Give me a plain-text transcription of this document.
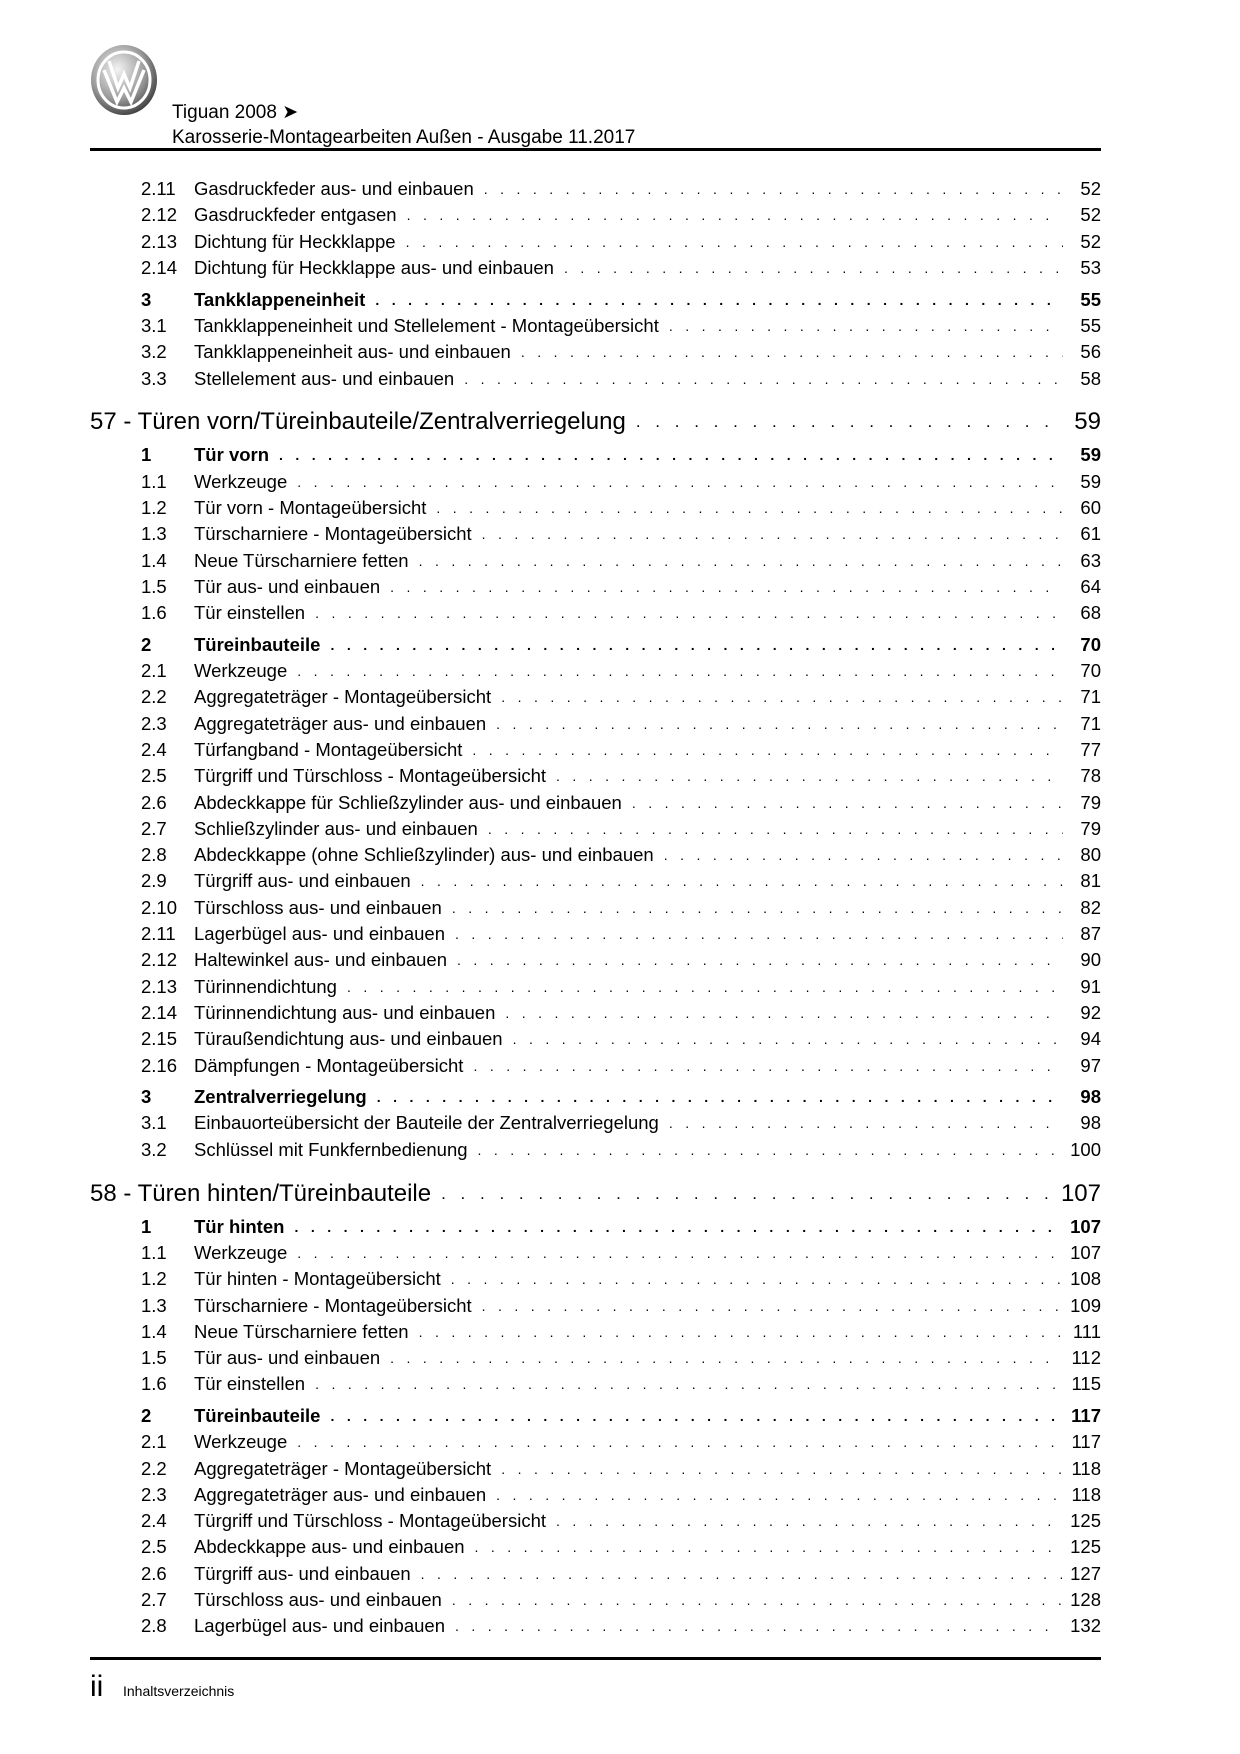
Tiguan 2008 ➤
Karosserie-Montagearbeiten Außen - Ausgabe 11.2017
2.11 Gasdruckfeder aus- und einbauen . . .	52
2.12 Gasdruckfeder entgasen . . .	52
2.13 Dichtung für Heckklappe . . .	52
2.14 Dichtung für Heckklappe aus- und einbauen . . .	53
3	Tankklappeneinheit . . .	55
3.1	Tankklappeneinheit und Stellelement - Montageübersicht . . .	55
3.2	Tankklappeneinheit aus- und einbauen . . .	56
3.3	Stellelement aus- und einbauen . . .	58
57 - Türen vorn/Türeinbauteile/Zentralverriegelung . . .	59
1	Tür vorn . . .	59
1.1	Werkzeuge . . .	59
1.2	Tür vorn - Montageübersicht . . .	60
1.3	Türscharniere - Montageübersicht . . .	61
1.4	Neue Türscharniere fetten . . .	63
1.5	Tür aus- und einbauen . . .	64
1.6	Tür einstellen . . .	68
2	Türeinbauteile . . .	70
2.1	Werkzeuge . . .	70
2.2	Aggregateträger - Montageübersicht . . .	71
2.3	Aggregateträger aus- und einbauen . . .	71
2.4	Türfangband - Montageübersicht . . .	77
2.5	Türgriff und Türschloss - Montageübersicht . . .	78
2.6	Abdeckkappe für Schließzylinder aus- und einbauen . . .	79
2.7	Schließzylinder aus- und einbauen . . .	79
2.8	Abdeckkappe (ohne Schließzylinder) aus- und einbauen . . .	80
2.9	Türgriff aus- und einbauen . . .	81
2.10 Türschloss aus- und einbauen . . .	82
2.11 Lagerbügel aus- und einbauen . . .	87
2.12 Haltewinkel aus- und einbauen . . .	90
2.13 Türinnendichtung . . .	91
2.14 Türinnendichtung aus- und einbauen . . .	92
2.15 Türaußendichtung aus- und einbauen . . .	94
2.16 Dämpfungen - Montageübersicht . . .	97
3	Zentralverriegelung . . .	98
3.1	Einbauorteübersicht der Bauteile der Zentralverriegelung . . .	98
3.2	Schlüssel mit Funkfernbedienung . . .	100
58 - Türen hinten/Türeinbauteile . . .	107
1	Tür hinten . . .	107
1.1	Werkzeuge . . .	107
1.2	Tür hinten - Montageübersicht . . .	108
1.3	Türscharniere - Montageübersicht . . .	109
1.4	Neue Türscharniere fetten . . .	111
1.5	Tür aus- und einbauen . . .	112
1.6	Tür einstellen . . .	115
2	Türeinbauteile . . .	117
2.1	Werkzeuge . . .	117
2.2	Aggregateträger - Montageübersicht . . .	118
2.3	Aggregateträger aus- und einbauen . . .	118
2.4	Türgriff und Türschloss - Montageübersicht . . .	125
2.5	Abdeckkappe aus- und einbauen . . .	125
2.6	Türgriff aus- und einbauen . . .	127
2.7	Türschloss aus- und einbauen . . .	128
2.8	Lagerbügel aus- und einbauen . . .	132
ii Inhaltsverzeichnis
